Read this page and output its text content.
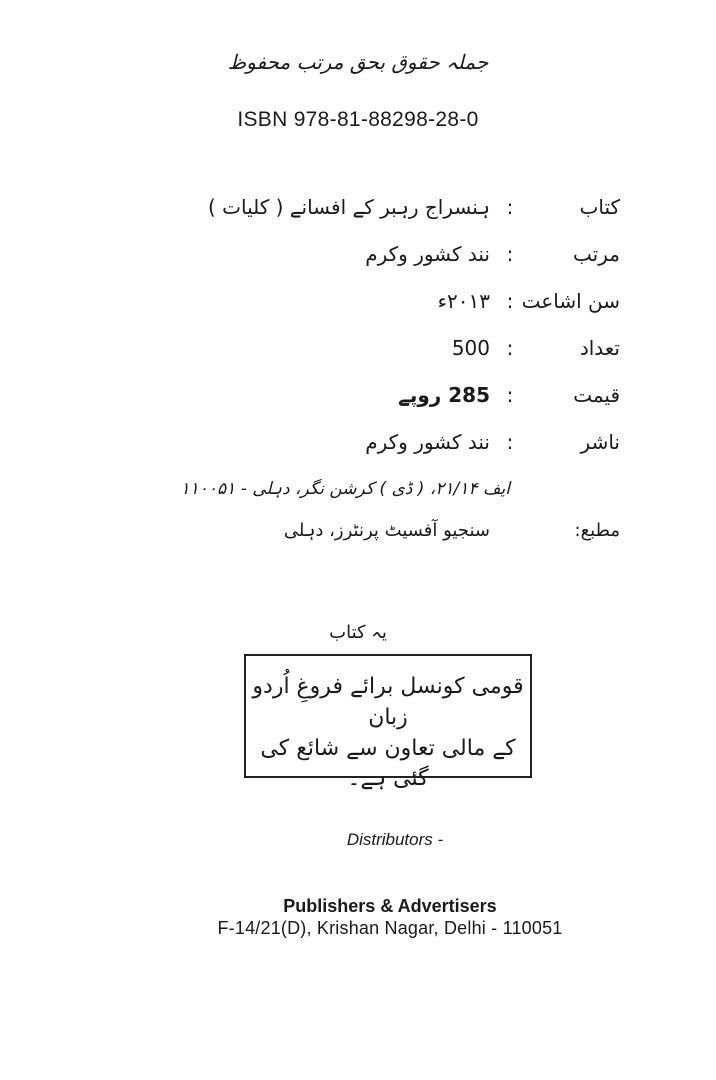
جملہ حقوق بحق مرتب محفوظ
ISBN 978-81-88298-28-0
کتاب
:
ہنسراج رہبر کے افسانے ( کلیات )
مرتب
:
نند کشور وکرم
سن اشاعت
:
۲۰۱۳ء
تعداد
:
500
قیمت
:
285 روپے
ناشر
:
نند کشور وکرم
ایف ۲۱/۱۴، ( ڈی ) کرشن نگر، دہلی - ۱۱۰۰۵۱
مطبع:
سنجیو آفسیٹ پرنٹرز، دہلی
یہ کتاب
قومی کونسل برائے فروغِ اُردو زبان
کے مالی تعاون سے شائع کی گئی ہے۔
Distributors -
Publishers & Advertisers
F-14/21(D), Krishan Nagar, Delhi - 110051
